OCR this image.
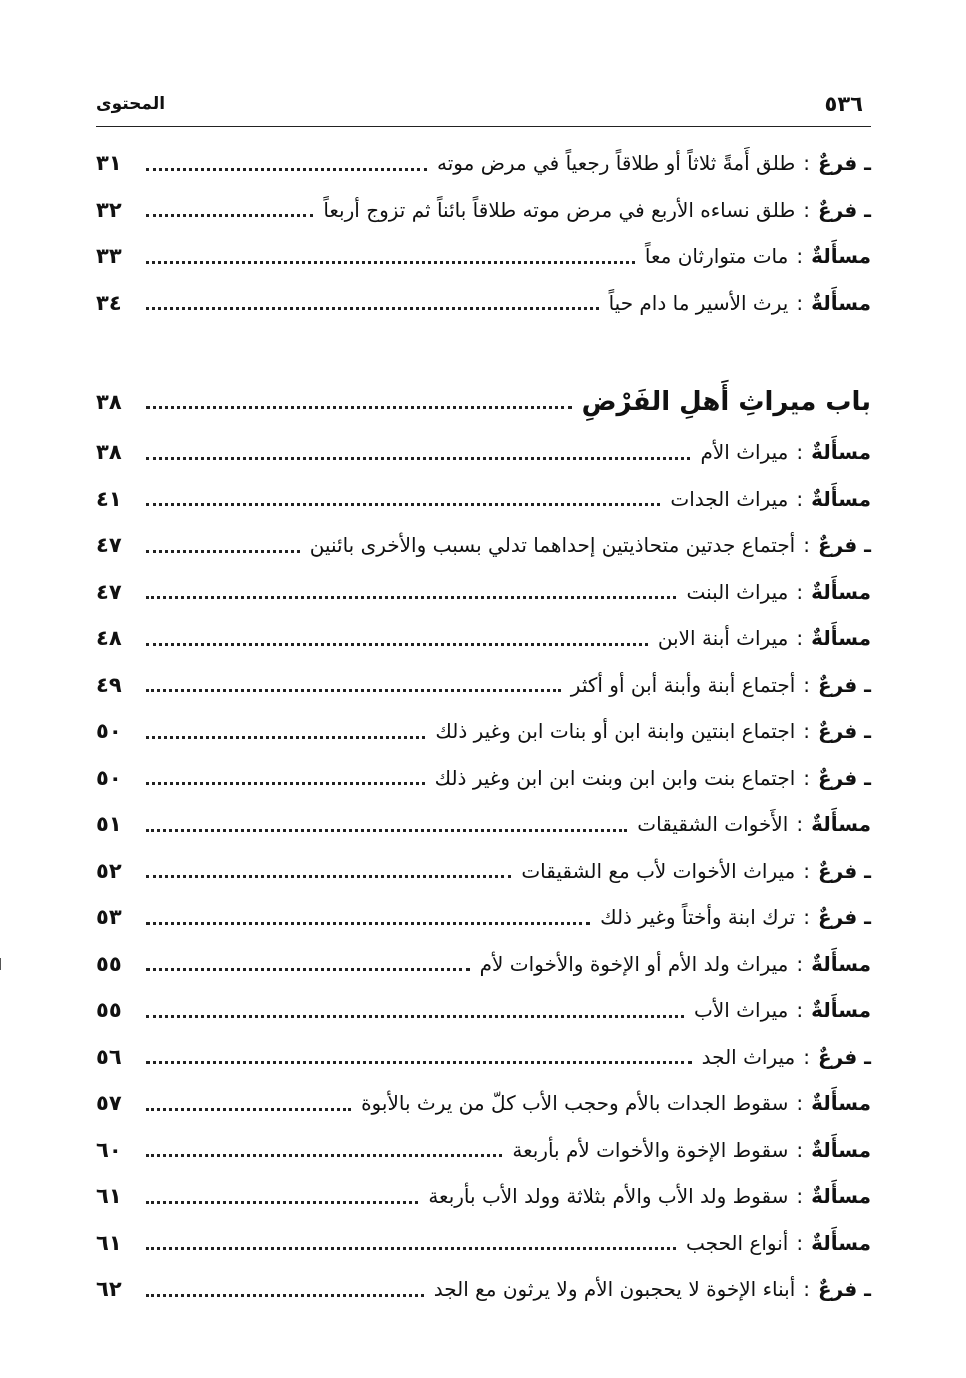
المحتوى	٥٣٦
ـ فرعٌ
:
طلق أَمةً ثلاثاً أو طلاقاً رجعياً في مرض موته
٣١
ـ فرعٌ
:
طلق نساءه الأربع في مرض موته طلاقاً بائناً ثم تزوج أربعاً
٣٢
مسأَلةٌ
:
مات متوارثان معاً
٣٣
مسأَلةٌ
:
يرث الأسير ما دام حياً
٣٤
باب ميراثِ أَهلِ الفَرْضِ
٣٨
مسأَلةٌ
:
ميراث الأم
٣٨
مسأَلةٌ
:
ميراث الجدات
٤١
ـ فرعٌ
:
أجتماع جدتين متحاذيتين إحداهما تدلي بسبب والأخرى بائنين
٤٧
مسأَلةٌ
:
ميراث البنت
٤٧
مسأَلةٌ
:
ميراث أبنة الابن
٤٨
ـ فرعٌ
:
أجتماع أبنة وأبنة أبن أو أكثر
٤٩
ـ فرعٌ
:
اجتماع ابنتين وابنة ابن أو بنات ابن وغير ذلك
٥٠
ـ فرعٌ
:
اجتماع بنت وابن ابن وبنت ابن ابن وغير ذلك
٥٠
مسأَلةٌ
:
الأَخوات الشقيقات
٥١
ـ فرعٌ
:
ميراث الأخوات لأب مع الشقيقات
٥٢
ـ فرعٌ
:
ترك ابنة وأختاً وغير ذلك
٥٣
مسأَلةٌ
:
ميراث ولد الأم أو الإخوة والأخوات لأم
٥٥
مسأَلةٌ
:
ميراث الأب
٥٥
ـ فرعٌ
:
ميراث الجد
٥٦
مسأَلةٌ
:
سقوط الجدات بالأم وحجب الأب كلّ من يرث بالأبوة
٥٧
مسأَلةٌ
:
سقوط الإخوة والأخوات لأم بأربعة
٦٠
مسأَلةٌ
:
سقوط ولد الأب والأم بثلاثة وولد الأب بأربعة
٦١
مسأَلةٌ
:
أنواع الحجب
٦١
ـ فرعٌ
:
أبناء الإخوة لا يحجبون الأم ولا يرثون مع الجد
٦٢
